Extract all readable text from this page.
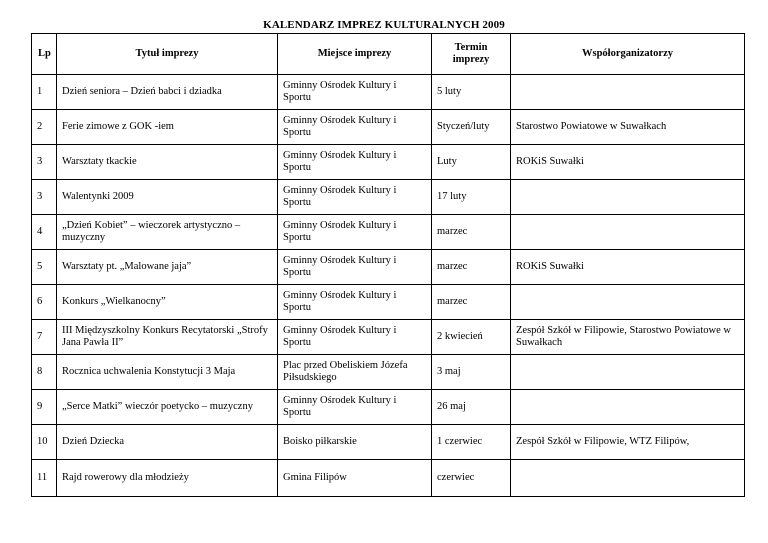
KALENDARZ IMPREZ KULTURALNYCH 2009
Lp	Tytuł imprezy	Miejsce imprezy	Termin imprezy	Współorganizatorzy
1	Dzień seniora – Dzień babci i dziadka	Gminny Ośrodek Kultury i Sportu	5 luty	
2	Ferie zimowe z GOK -iem	Gminny Ośrodek Kultury i Sportu	Styczeń/luty	Starostwo Powiatowe w Suwałkach
3	Warsztaty tkackie	Gminny Ośrodek Kultury i Sportu	Luty	ROKiS Suwałki
3	Walentynki 2009	Gminny Ośrodek Kultury i Sportu	17 luty	
4	„Dzień Kobiet” – wieczorek artystyczno – muzyczny	Gminny Ośrodek Kultury i Sportu	marzec	
5	Warsztaty pt. „Malowane jaja”	Gminny Ośrodek Kultury i Sportu	marzec	ROKiS Suwałki
6	Konkurs „Wielkanocny”	Gminny Ośrodek Kultury i Sportu	marzec	
7	III Międzyszkolny Konkurs Recytatorski „Strofy Jana Pawła II”	Gminny Ośrodek Kultury i Sportu	2 kwiecień	Zespół Szkół w Filipowie, Starostwo Powiatowe w Suwałkach
8	Rocznica uchwalenia Konstytucji 3 Maja	Plac przed Obeliskiem Józefa Piłsudskiego	3 maj	
9	„Serce Matki” wieczór poetycko – muzyczny	Gminny Ośrodek Kultury i Sportu	26 maj	
10	Dzień Dziecka	Boisko piłkarskie	1 czerwiec	Zespół Szkół w Filipowie, WTZ Filipów,
11	Rajd rowerowy dla młodzieży	Gmina Filipów	czerwiec	
